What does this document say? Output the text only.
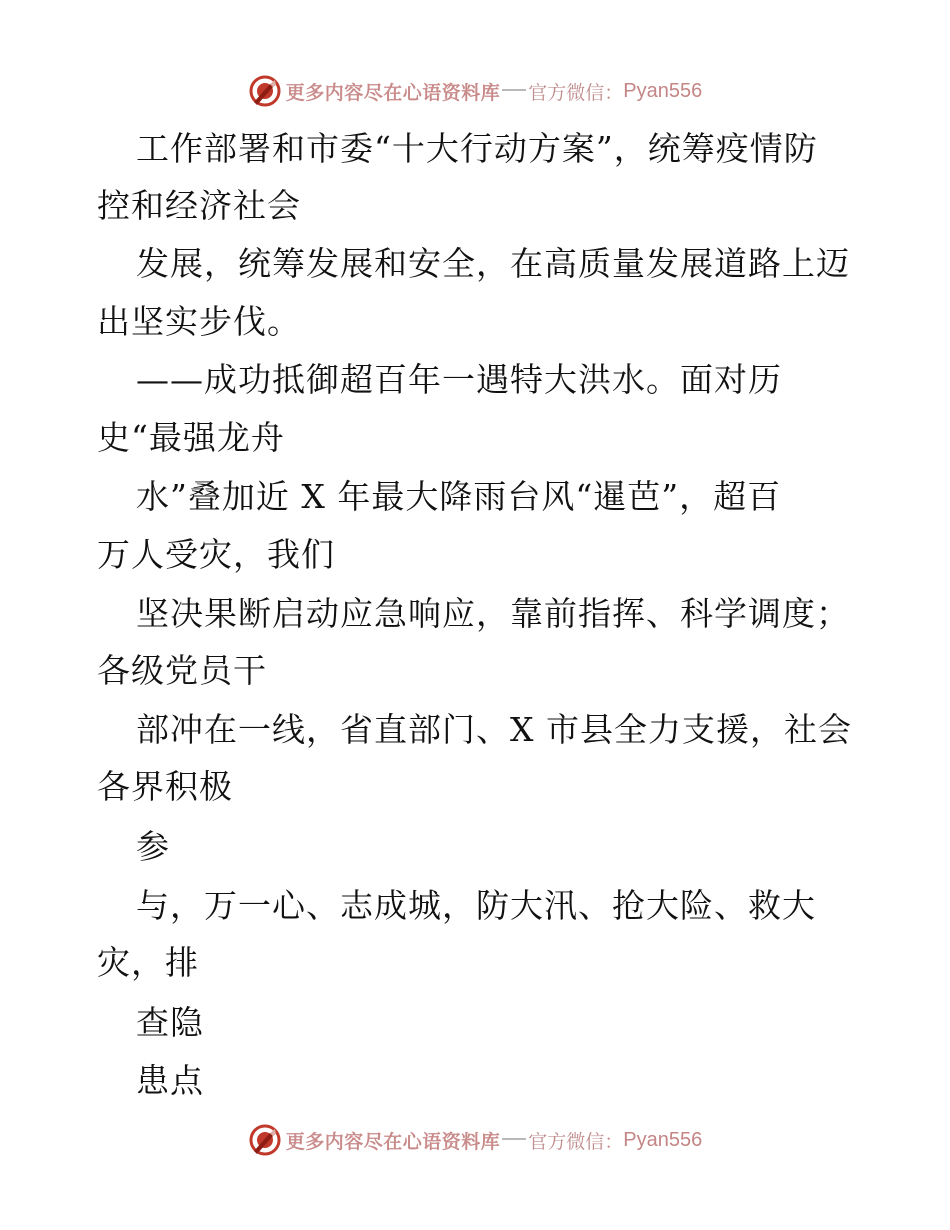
更多内容尽在心语资料库 官方微信： Pyan556
工作部署和市委“十大行动方案”，统筹疫情防
控和经济社会
发展，统筹发展和安全，在高质量发展道路上迈
出坚实步伐。
——成功抵御超百年一遇特大洪水。面对历
史“最强龙舟
水”叠加近 X 年最大降雨台风“暹芭”，超百
万人受灾，我们
坚决果断启动应急响应，靠前指挥、科学调度；
各级党员干
部冲在一线，省直部门、X 市县全力支援，社会
各界积极
参
与，万一心、志成城，防大汛、抢大险、救大
灾，排
查隐
患点
更多内容尽在心语资料库 官方微信： Pyan556
